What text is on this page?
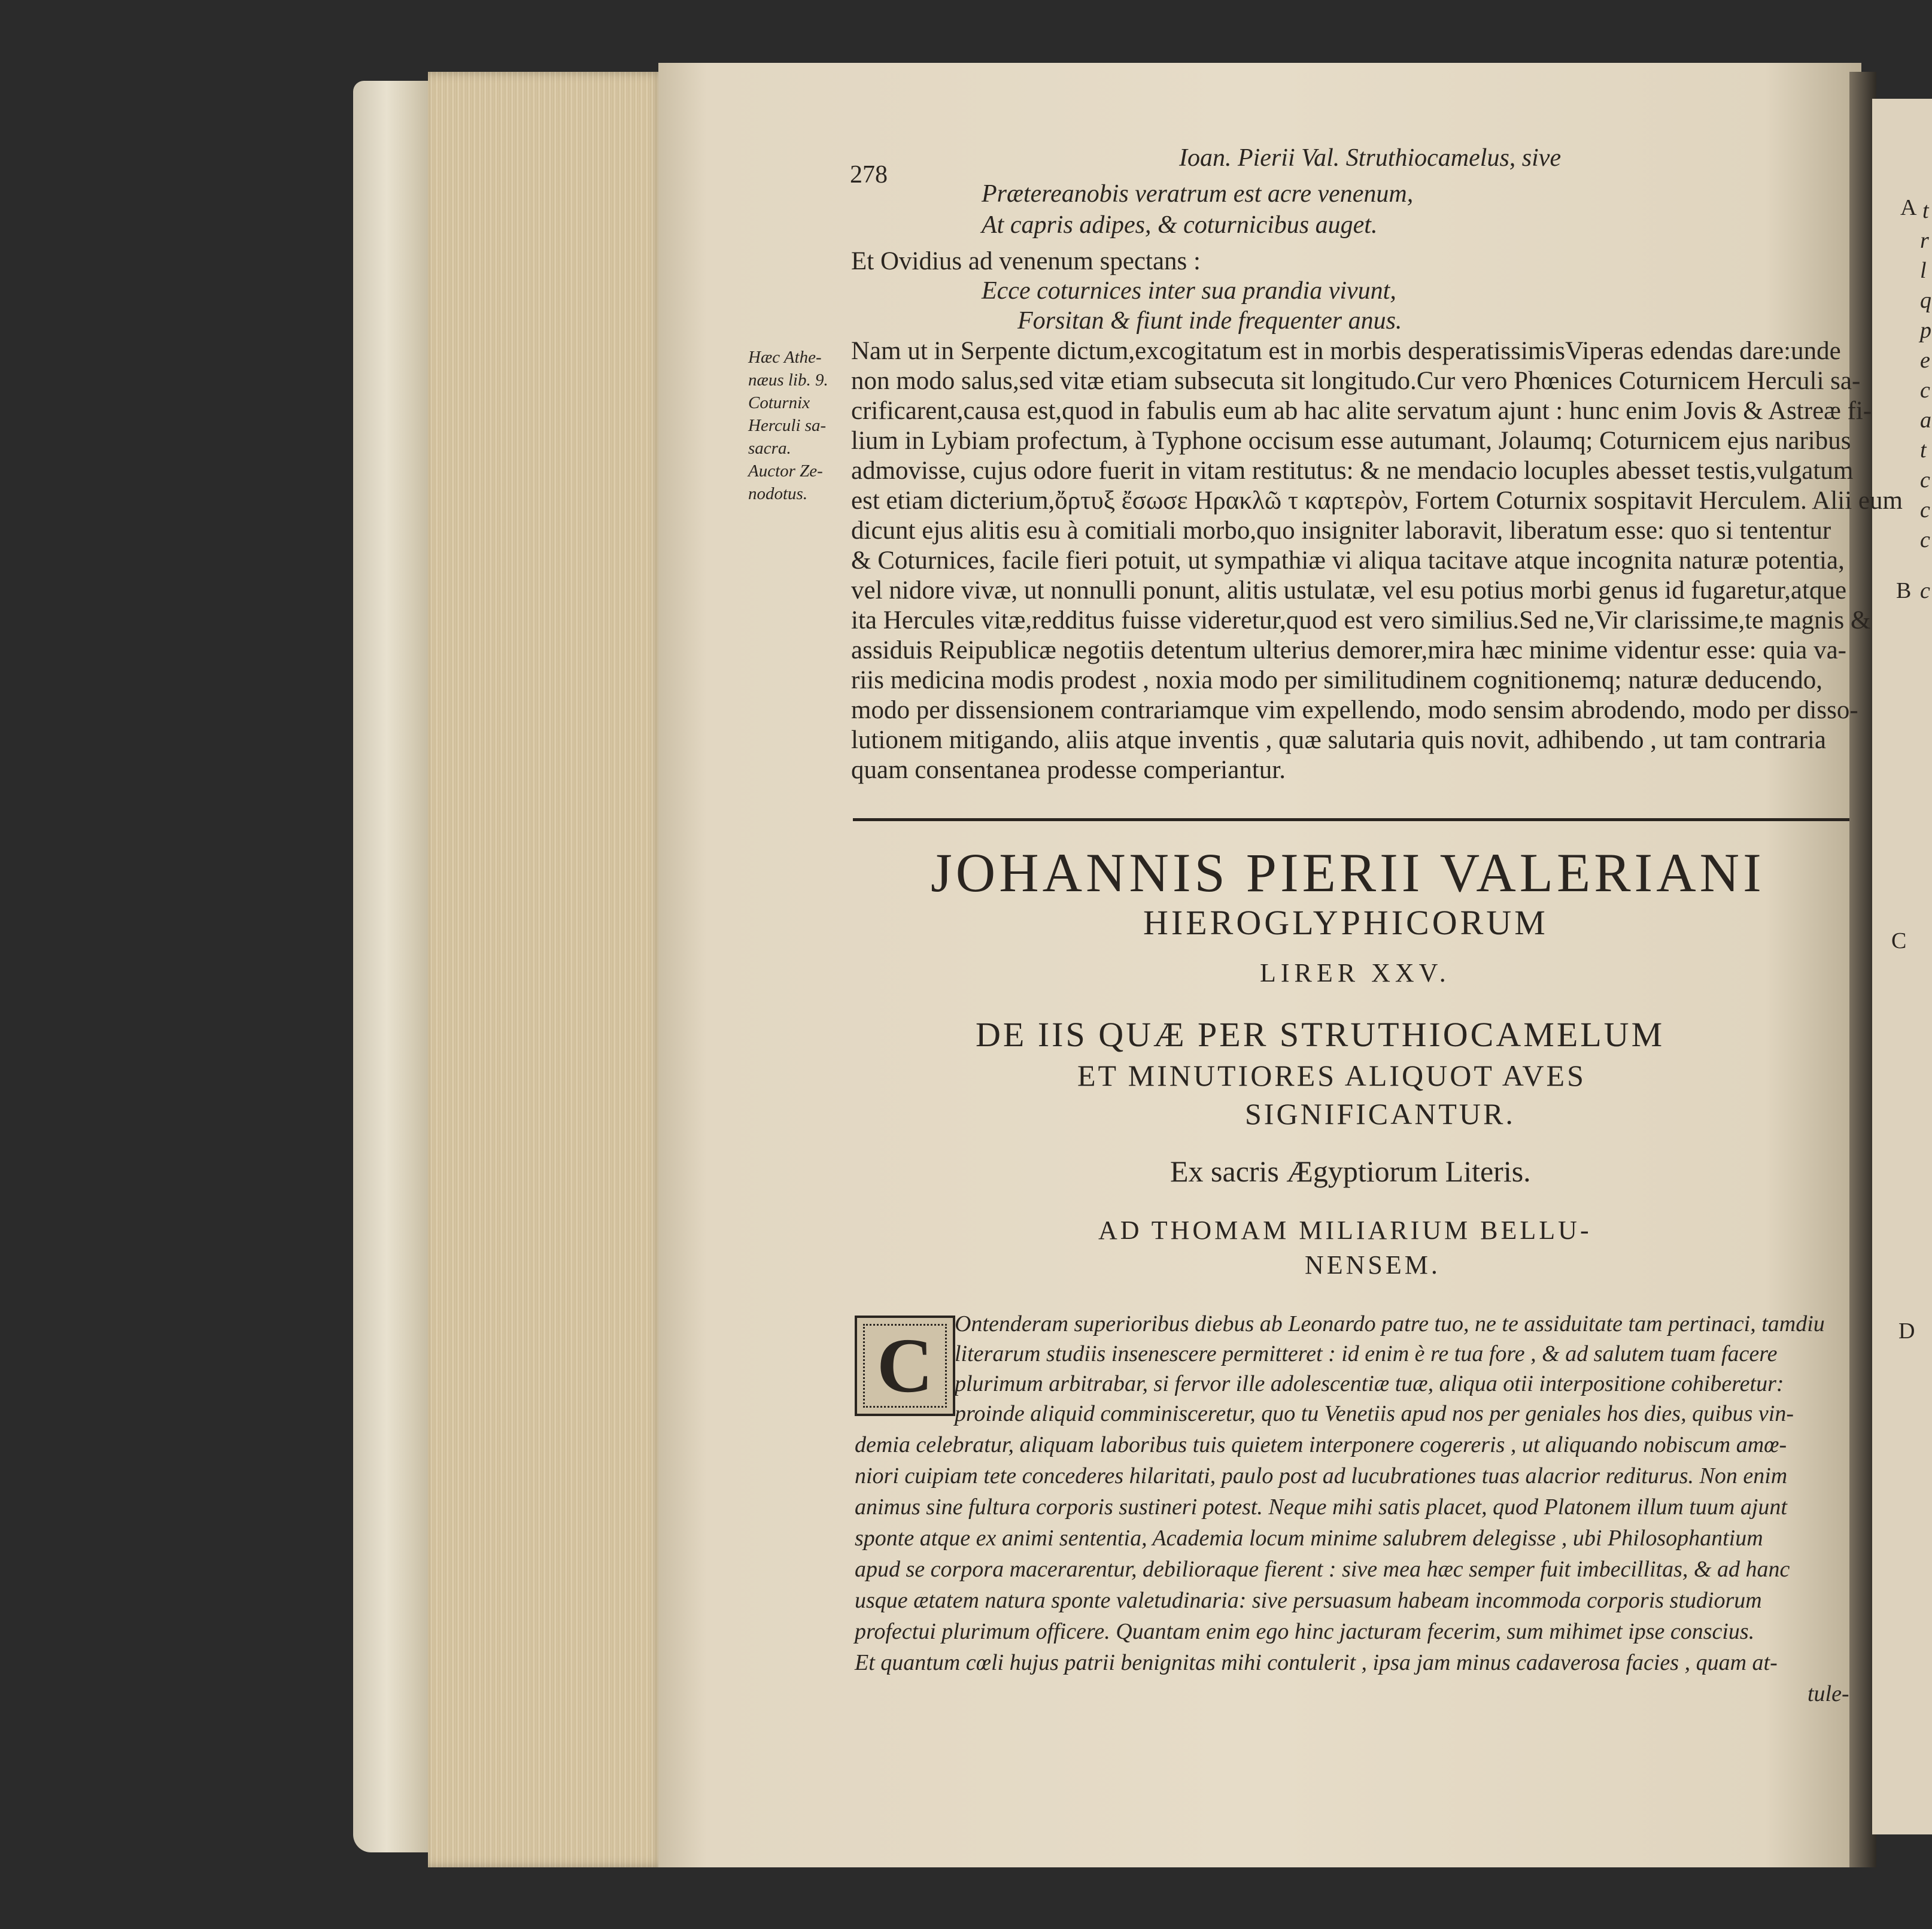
278
Ioan. Pierii Val. Struthiocamelus, sive
Prætereanobis veratrum est acre venenum,
At capris adipes, & coturnicibus auget.
Et Ovidius ad venenum spectans :
Ecce coturnices inter sua prandia vivunt,
Forsitan & fiunt inde frequenter anus.
Hæc Athe-
næus lib. 9.
Coturnix
Herculi sa-
sacra.
Auctor Ze-
nodotus.
Nam ut in Serpente dictum,excogitatum est in morbis desperatissimisViperas edendas dare:unde
non modo salus,sed vitæ etiam subsecuta sit longitudo.Cur vero Phœnices Coturnicem Herculi sa-
crificarent,causa est,quod in fabulis eum ab hac alite servatum ajunt : hunc enim Jovis & Astreæ fi-
lium in Lybiam profectum, à Typhone occisum esse autumant, Jolaumq; Coturnicem ejus naribus
admovisse, cujus odore fuerit in vitam restitutus: & ne mendacio locuples abesset testis,vulgatum
est etiam dicterium,ὄρτυξ ἔσωσε Ηρακλῶ τ καρτερὸν, Fortem Coturnix sospitavit Herculem. Alii eum
dicunt ejus alitis esu à comitiali morbo,quo insigniter laboravit, liberatum esse: quo si tententur
& Coturnices, facile fieri potuit, ut sympathiæ vi aliqua tacitave atque incognita naturæ potentia,
vel nidore vivæ, ut nonnulli ponunt, alitis ustulatæ, vel esu potius morbi genus id fugaretur,atque
ita Hercules vitæ,redditus fuisse videretur,quod est vero similius.Sed ne,Vir clarissime,te magnis &
assiduis Reipublicæ negotiis detentum ulterius demorer,mira hæc minime videntur esse: quia va-
riis medicina modis prodest , noxia modo per similitudinem cognitionemq; naturæ deducendo,
modo per dissensionem contrariamque vim expellendo, modo sensim abrodendo, modo per disso-
lutionem mitigando, aliis atque inventis , quæ salutaria quis novit, adhibendo , ut tam contraria
quam consentanea prodesse comperiantur.
JOHANNIS PIERII VALERIANI
HIEROGLYPHICORUM
LIRER XXV.
DE IIS QUÆ PER STRUTHIOCAMELUM
ET MINUTIORES ALIQUOT AVES
SIGNIFICANTUR.
Ex sacris Ægyptiorum Literis.
AD THOMAM MILIARIUM BELLU-
NENSEM.
C Ontenderam superioribus diebus ab Leonardo patre tuo, ne te assiduitate tam pertinaci, tamdiu
literarum studiis insenescere permitteret : id enim è re tua fore , & ad salutem tuam facere
plurimum arbitrabar, si fervor ille adolescentiæ tuæ, aliqua otii interpositione cohiberetur:
proinde aliquid comminisceretur, quo tu Venetiis apud nos per geniales hos dies, quibus vin-
demia celebratur, aliquam laboribus tuis quietem interponere cogereris , ut aliquando nobiscum amœ-
niori cuipiam tete concederes hilaritati, paulo post ad lucubrationes tuas alacrior rediturus. Non enim
animus sine fultura corporis sustineri potest. Neque mihi satis placet, quod Platonem illum tuum ajunt
sponte atque ex animi sententia, Academia locum minime salubrem delegisse , ubi Philosophantium
apud se corpora macerarentur, debilioraque fierent : sive mea hæc semper fuit imbecillitas, & ad hanc
usque ætatem natura sponte valetudinaria: sive persuasum habeam incommoda corporis studiorum
profectui plurimum officere. Quantam enim ego hinc jacturam fecerim, sum mihimet ipse conscius.
Et quantum cœli hujus patrii benignitas mihi contulerit , ipsa jam minus cadaverosa facies , quam at-
tule-
A
B
C
D
t
r
l
q
p
e
c
a
t
c
c
c
c
